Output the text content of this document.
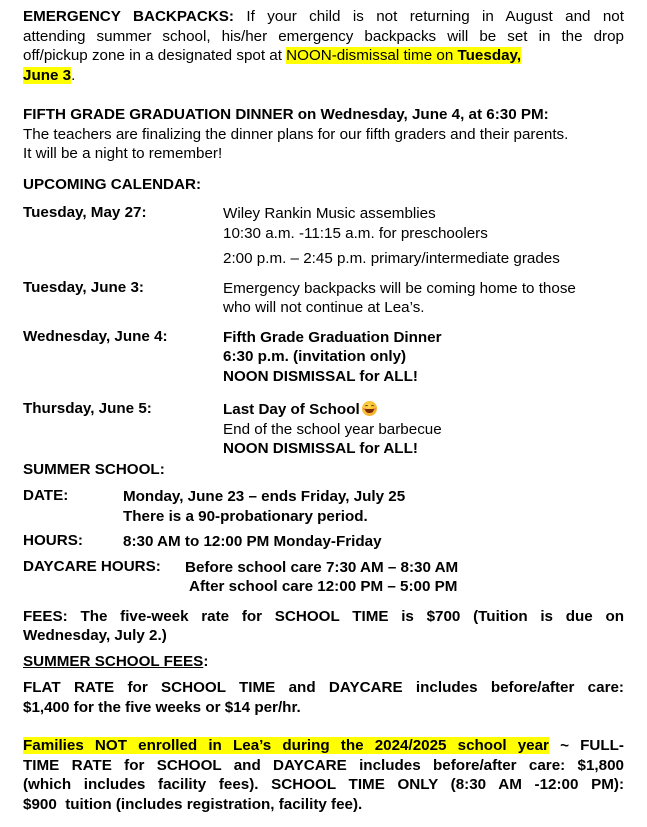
EMERGENCY BACKPACKS: If your child is not returning in August and not

attending summer school, his/her emergency backpacks will be set in the drop

off/pickup zone in a designated spot at NOON-dismissal time on Tuesday,

June 3.

FIFTH GRADE GRADUATION DINNER on Wednesday, June 4, at 6:30 PM:

The teachers are finalizing the dinner plans for our fifth graders and their parents.

It will be a night to remember!

UPCOMING CALENDAR:

Tuesday, May 27:	Wiley Rankin Music assemblies

10:30 a.m. -11:15 a.m. for preschoolers

2:00 p.m. – 2:45 p.m. primary/intermediate grades

Tuesday, June 3:	Emergency backpacks will be coming home to those

who will not continue at Lea’s.

Wednesday, June 4:	Fifth Grade Graduation Dinner

6:30 p.m. (invitation only)

NOON DISMISSAL for ALL!

Thursday, June 5:	Last Day of School

End of the school year barbecue

NOON DISMISSAL for ALL!

SUMMER SCHOOL:

DATE:	Monday, June 23 – ends Friday, July 25

There is a 90-probationary period.

HOURS:	8:30 AM to 12:00 PM Monday-Friday

DAYCARE HOURS: Before school care 7:30 AM – 8:30 AM

After school care 12:00 PM – 5:00 PM

FEES: The five-week rate for SCHOOL TIME is $700 (Tuition is due on

Wednesday, July 2.)

SUMMER SCHOOL FEES:

FLAT RATE for SCHOOL TIME and DAYCARE includes before/after care:

$1,400 for the five weeks or $14 per/hr.

Families NOT enrolled in Lea’s during the 2024/2025 school year ~ FULL-

TIME RATE for SCHOOL and DAYCARE includes before/after care: $1,800

(which includes facility fees). SCHOOL TIME ONLY (8:30 AM -12:00 PM):

$900  tuition (includes registration, facility fee).
